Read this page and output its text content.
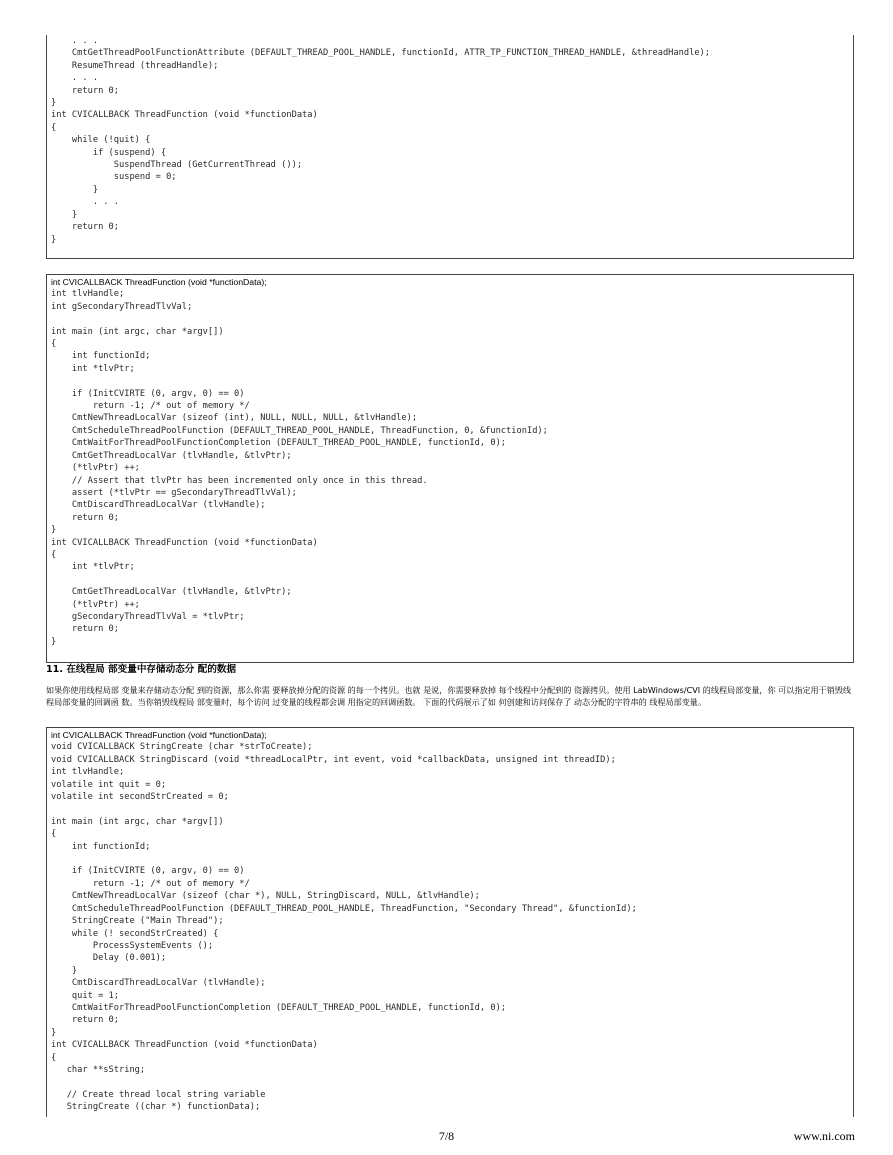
. . .
CmtGetThreadPoolFunctionAttribute (DEFAULT_THREAD_POOL_HANDLE, functionId, ATTR_TP_FUNCTION_THREAD_HANDLE, &threadHandle);
ResumeThread (threadHandle);
. . .
return 0;
}
int CVICALLBACK ThreadFunction (void *functionData)
{
while (!quit) {
if (suspend) {
SuspendThread (GetCurrentThread ());
suspend = 0;
}
. . .
}
return 0;
}
int CVICALLBACK ThreadFunction (void *functionData);
int tlvHandle;
int gSecondaryThreadTlvVal;

int main (int argc, char *argv[])
{
int functionId;
int *tlvPtr;

if (InitCVIRTE (0, argv, 0) == 0)
return -1; /* out of memory */
CmtNewThreadLocalVar (sizeof (int), NULL, NULL, NULL, &tlvHandle);
CmtScheduleThreadPoolFunction (DEFAULT_THREAD_POOL_HANDLE, ThreadFunction, 0, &functionId);
CmtWaitForThreadPoolFunctionCompletion (DEFAULT_THREAD_POOL_HANDLE, functionId, 0);
CmtGetThreadLocalVar (tlvHandle, &tlvPtr);
(*tlvPtr) ++;
// Assert that tlvPtr has been incremented only once in this thread.
assert (*tlvPtr == gSecondaryThreadTlvVal);
CmtDiscardThreadLocalVar (tlvHandle);
return 0;
}
int CVICALLBACK ThreadFunction (void *functionData)
{
int *tlvPtr;

CmtGetThreadLocalVar (tlvHandle, &tlvPtr);
(*tlvPtr) ++;
gSecondaryThreadTlvVal = *tlvPtr;
return 0;
}
11. 在线程局 部变量中存储动态分 配的数据

如果你使用线程局部 变量来存储动态分配 到的资源，那么你需 要释放掉分配的资源 的每一个拷贝。也就 是说，你需要释放掉 每个线程中分配到的 资源拷贝。使用 LabWindows/CVI 的线程局部变量，你 可以指定用于销毁线 程局部变量的回调函 数。当你销毁线程局 部变量时，每个访问 过变量的线程都会调 用指定的回调函数。 下面的代码展示了如 何创建和访问保存了 动态分配的字符串的 线程局部变量。

int CVICALLBACK ThreadFunction (void *functionData);
void CVICALLBACK StringCreate (char *strToCreate);
void CVICALLBACK StringDiscard (void *threadLocalPtr, int event, void *callbackData, unsigned int threadID);
int tlvHandle;
volatile int quit = 0;
volatile int secondStrCreated = 0;

int main (int argc, char *argv[])
{
int functionId;

if (InitCVIRTE (0, argv, 0) == 0)
return -1; /* out of memory */
CmtNewThreadLocalVar (sizeof (char *), NULL, StringDiscard, NULL, &tlvHandle);
CmtScheduleThreadPoolFunction (DEFAULT_THREAD_POOL_HANDLE, ThreadFunction, "Secondary Thread", &functionId);
StringCreate ("Main Thread");
while (! secondStrCreated) {
ProcessSystemEvents ();
Delay (0.001);
}
CmtDiscardThreadLocalVar (tlvHandle);
quit = 1;
CmtWaitForThreadPoolFunctionCompletion (DEFAULT_THREAD_POOL_HANDLE, functionId, 0);
return 0;
}
int CVICALLBACK ThreadFunction (void *functionData)
{
char **sString;

// Create thread local string variable
StringCreate ((char *) functionData);
7/8	www.ni.com
